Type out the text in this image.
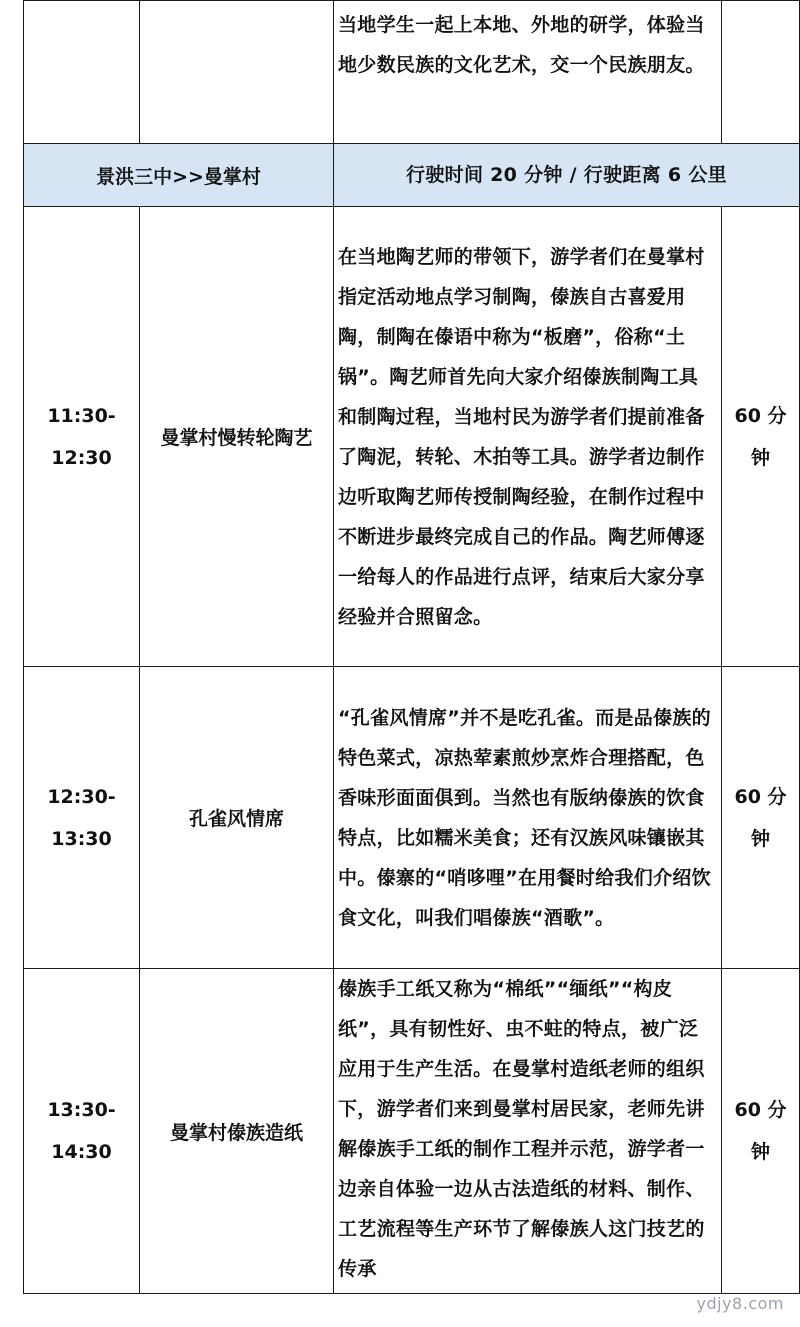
		当地学生一起上本地、外地的研学，体验当地少数民族的文化艺术，交一个民族朋友。	

景洪三中>>曼掌村		行驶时间 20 分钟 / 行驶距离 6 公里	
11:30-
12:30	曼掌村慢转轮陶艺	在当地陶艺师的带领下，游学者们在曼掌村指定活动地点学习制陶，傣族自古喜爱用陶，制陶在傣语中称为“板磨”，俗称“土锅”。陶艺师首先向大家介绍傣族制陶工具和制陶过程，当地村民为游学者们提前准备了陶泥，转轮、木拍等工具。游学者边制作边听取陶艺师传授制陶经验，在制作过程中不断进步最终完成自己的作品。陶艺师傅逐一给每人的作品进行点评，结束后大家分享经验并合照留念。	60 分
钟
12:30-
13:30	孔雀风情席	“孔雀风情席”并不是吃孔雀。而是品傣族的特色菜式，凉热荤素煎炒烹炸合理搭配，色香味形面面俱到。当然也有版纳傣族的饮食特点，比如糯米美食；还有汉族风味镶嵌其中。傣寨的“哨哆哩”在用餐时给我们介绍饮食文化，叫我们唱傣族“酒歌”。	60 分
钟
13:30-
14:30	曼掌村傣族造纸	傣族手工纸又称为“棉纸”“缅纸”“构皮纸”，具有韧性好、虫不蛀的特点，被广泛应用于生产生活。在曼掌村造纸老师的组织下，游学者们来到曼掌村居民家，老师先讲解傣族手工纸的制作工程并示范，游学者一边亲自体验一边从古法造纸的材料、制作、工艺流程等生产环节了解傣族人这门技艺的传承	60 分
钟
ydjy8.com
